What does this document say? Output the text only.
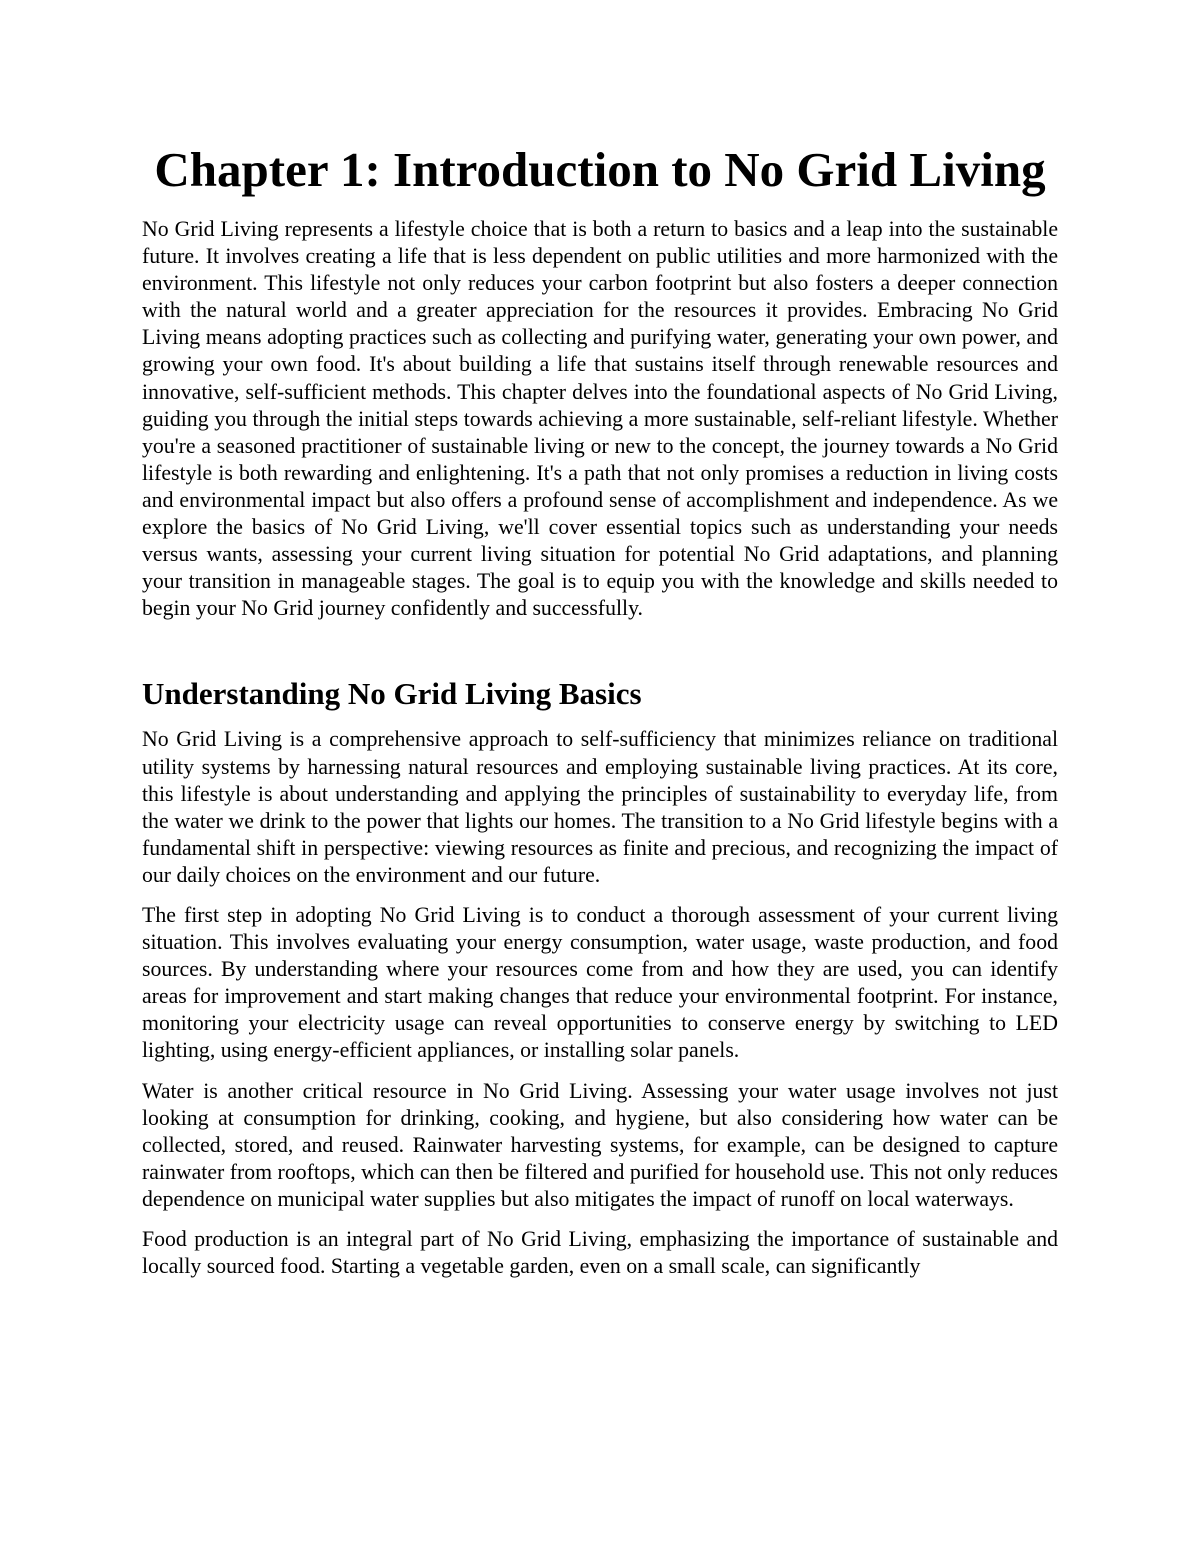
Chapter 1: Introduction to No Grid Living

No Grid Living represents a lifestyle choice that is both a return to basics and a leap into the sustainable future. It involves creating a life that is less dependent on public utilities and more harmonized with the environment. This lifestyle not only reduces your carbon footprint but also fosters a deeper connection with the natural world and a greater appreciation for the resources it provides. Embracing No Grid Living means adopting practices such as collecting and purifying water, generating your own power, and growing your own food. It's about building a life that sustains itself through renewable resources and innovative, self-sufficient methods. This chapter delves into the foundational aspects of No Grid Living, guiding you through the initial steps towards achieving a more sustainable, self-reliant lifestyle. Whether you're a seasoned practitioner of sustainable living or new to the concept, the journey towards a No Grid lifestyle is both rewarding and enlightening. It's a path that not only promises a reduction in living costs and environmental impact but also offers a profound sense of accomplishment and independence. As we explore the basics of No Grid Living, we'll cover essential topics such as understanding your needs versus wants, assessing your current living situation for potential No Grid adaptations, and planning your transition in manageable stages. The goal is to equip you with the knowledge and skills needed to begin your No Grid journey confidently and successfully.

Understanding No Grid Living Basics

No Grid Living is a comprehensive approach to self-sufficiency that minimizes reliance on traditional utility systems by harnessing natural resources and employing sustainable living practices. At its core, this lifestyle is about understanding and applying the principles of sustainability to everyday life, from the water we drink to the power that lights our homes. The transition to a No Grid lifestyle begins with a fundamental shift in perspective: viewing resources as finite and precious, and recognizing the impact of our daily choices on the environment and our future.

The first step in adopting No Grid Living is to conduct a thorough assessment of your current living situation. This involves evaluating your energy consumption, water usage, waste production, and food sources. By understanding where your resources come from and how they are used, you can identify areas for improvement and start making changes that reduce your environmental footprint. For instance, monitoring your electricity usage can reveal opportunities to conserve energy by switching to LED lighting, using energy-efficient appliances, or installing solar panels.

Water is another critical resource in No Grid Living. Assessing your water usage involves not just looking at consumption for drinking, cooking, and hygiene, but also considering how water can be collected, stored, and reused. Rainwater harvesting systems, for example, can be designed to capture rainwater from rooftops, which can then be filtered and purified for household use. This not only reduces dependence on municipal water supplies but also mitigates the impact of runoff on local waterways.

Food production is an integral part of No Grid Living, emphasizing the importance of sustainable and locally sourced food. Starting a vegetable garden, even on a small scale, can significantly
